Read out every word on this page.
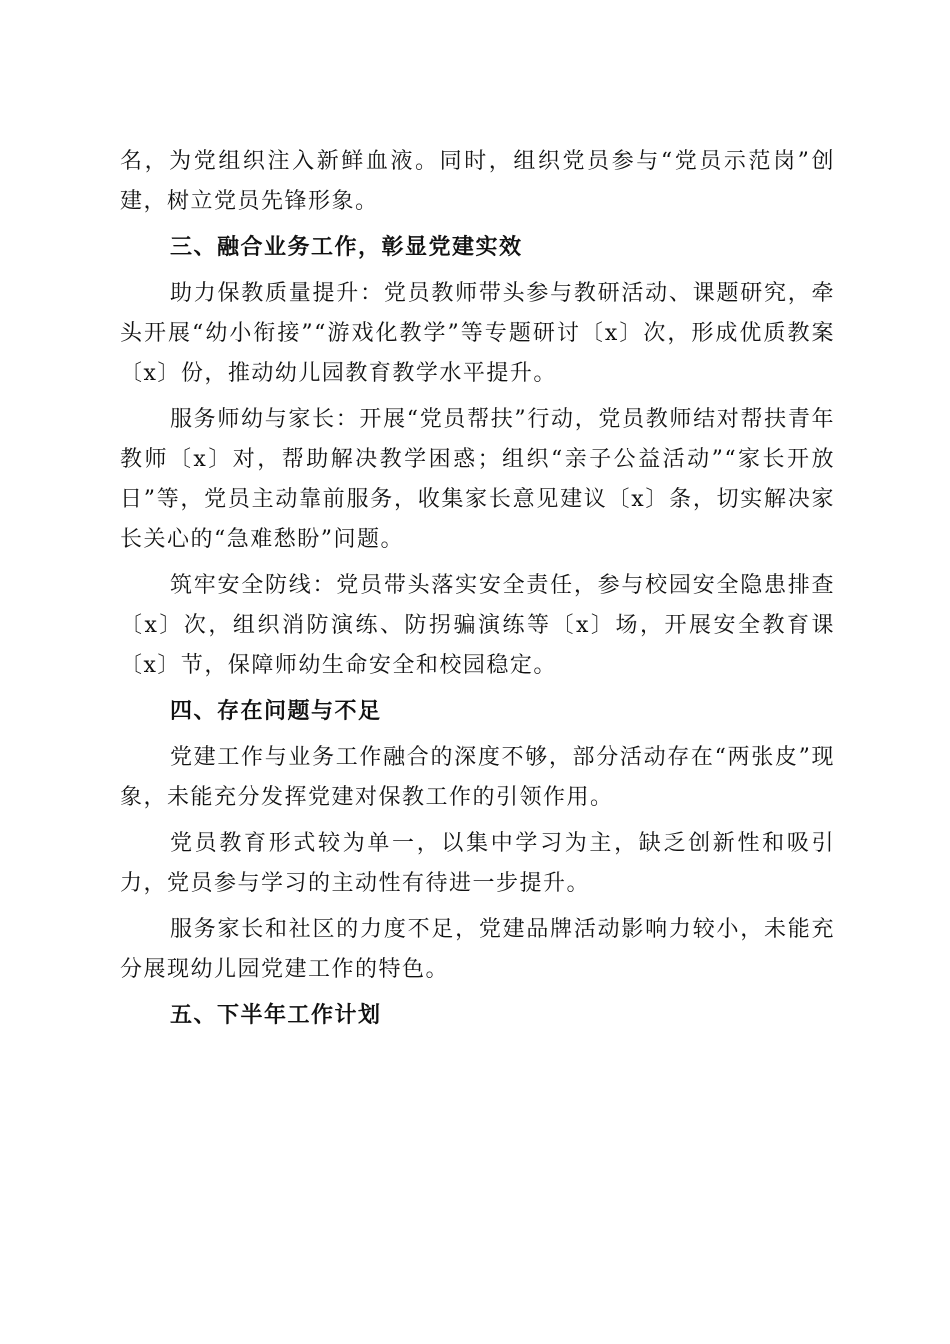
名，为党组织注入新鲜血液。同时，组织党员参与“党员示范岗”创建，树立党员先锋形象。

三、融合业务工作，彰显党建实效

助力保教质量提升：党员教师带头参与教研活动、课题研究，牵头开展“幼小衔接”“游戏化教学”等专题研讨〔x〕次，形成优质教案〔x〕份，推动幼儿园教育教学水平提升。

服务师幼与家长：开展“党员帮扶”行动，党员教师结对帮扶青年教师〔x〕对，帮助解决教学困惑；组织“亲子公益活动”“家长开放日”等，党员主动靠前服务，收集家长意见建议〔x〕条，切实解决家长关心的“急难愁盼”问题。

筑牢安全防线：党员带头落实安全责任，参与校园安全隐患排查〔x〕次，组织消防演练、防拐骗演练等〔x〕场，开展安全教育课〔x〕节，保障师幼生命安全和校园稳定。

四、存在问题与不足

党建工作与业务工作融合的深度不够，部分活动存在“两张皮”现象，未能充分发挥党建对保教工作的引领作用。

党员教育形式较为单一，以集中学习为主，缺乏创新性和吸引力，党员参与学习的主动性有待进一步提升。

服务家长和社区的力度不足，党建品牌活动影响力较小，未能充分展现幼儿园党建工作的特色。

五、下半年工作计划
